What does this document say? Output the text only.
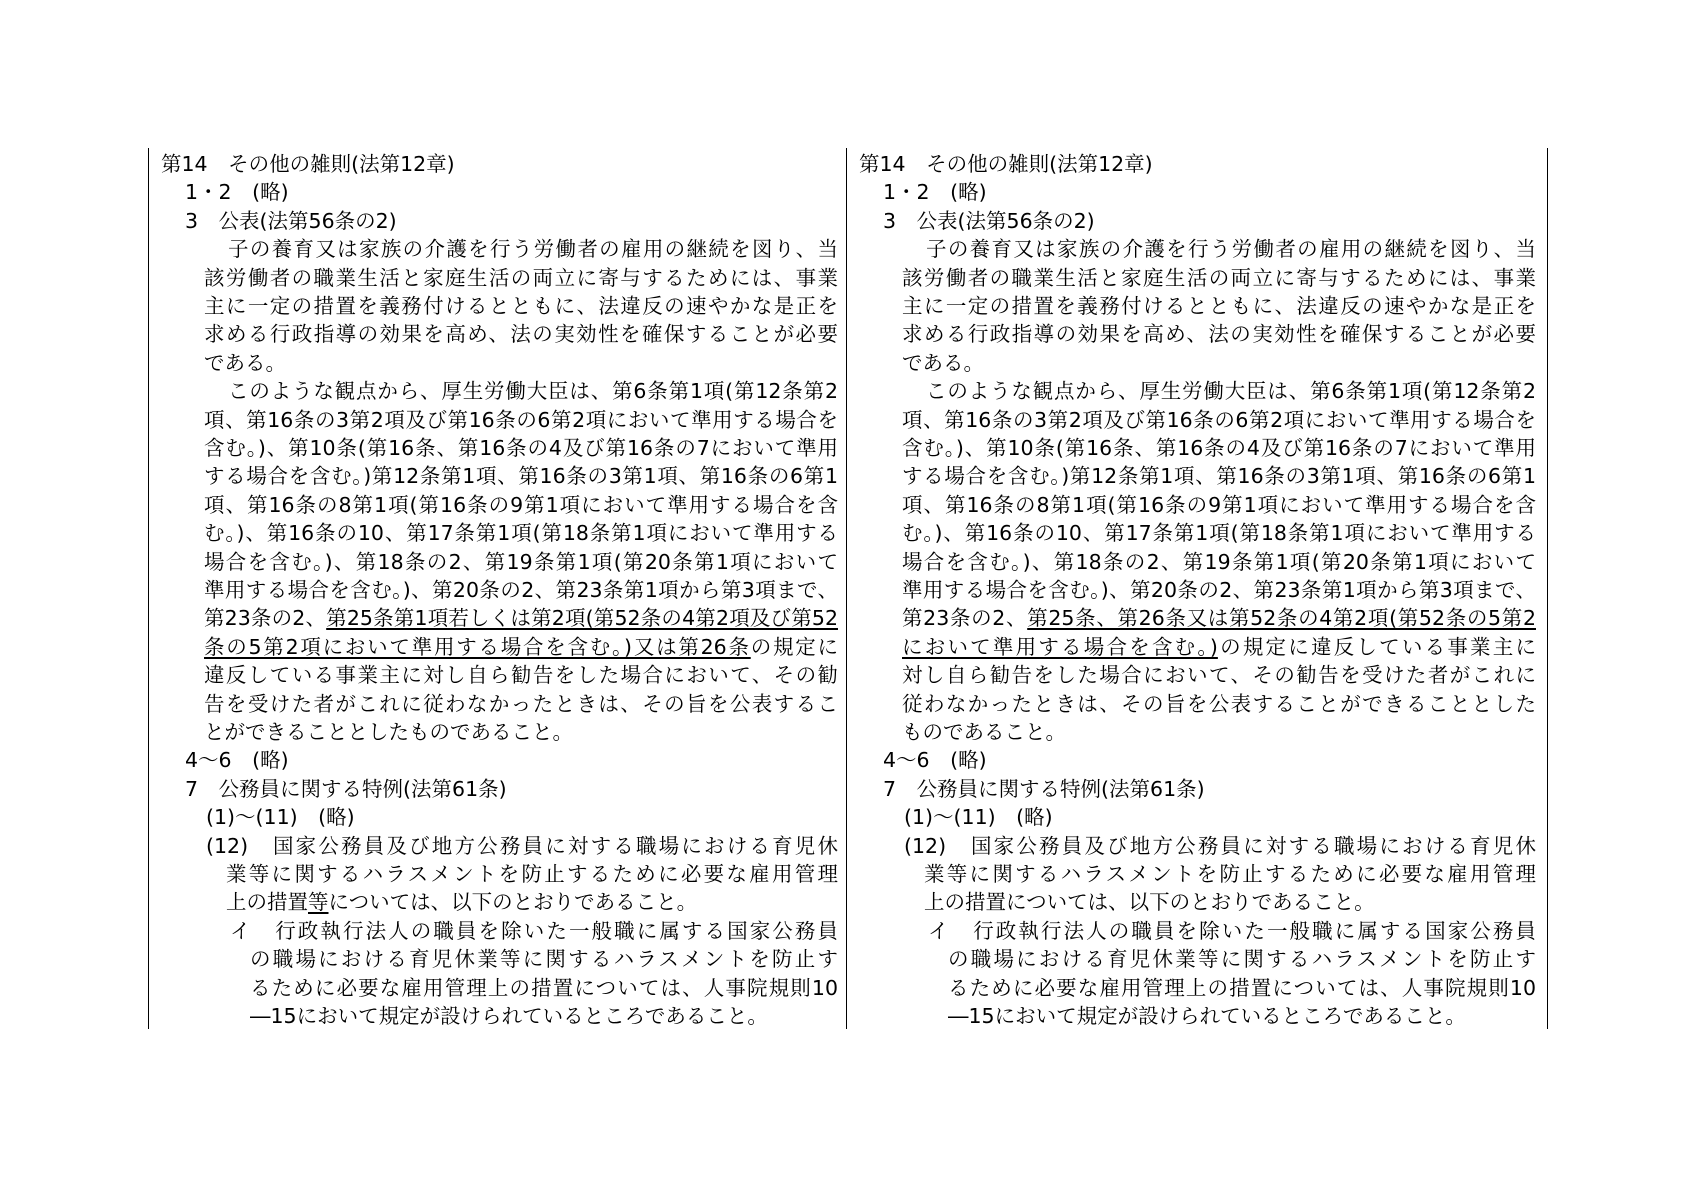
第14　その他の雑則(法第12章)
1・2　(略)
3　公表(法第56条の2)
子の養育又は家族の介護を行う労働者の雇用の継続を図り、当
該労働者の職業生活と家庭生活の両立に寄与するためには、事業
主に一定の措置を義務付けるとともに、法違反の速やかな是正を
求める行政指導の効果を高め、法の実効性を確保することが必要
である。
このような観点から、厚生労働大臣は、第6条第1項(第12条第2
項、第16条の3第2項及び第16条の6第2項において準用する場合を
含む。)、第10条(第16条、第16条の4及び第16条の7において準用
する場合を含む。)第12条第1項、第16条の3第1項、第16条の6第1
項、第16条の8第1項(第16条の9第1項において準用する場合を含
む。)、第16条の10、第17条第1項(第18条第1項において準用する
場合を含む。)、第18条の2、第19条第1項(第20条第1項において
準用する場合を含む。)、第20条の2、第23条第1項から第3項まで、
第23条の2、第25条第1項若しくは第2項(第52条の4第2項及び第52
条の5第2項において準用する場合を含む。)又は第26条の規定に
違反している事業主に対し自ら勧告をした場合において、その勧
告を受けた者がこれに従わなかったときは、その旨を公表するこ
とができることとしたものであること。
4～6　(略)
7　公務員に関する特例(法第61条)
(1)～(11)　(略)
(12)　国家公務員及び地方公務員に対する職場における育児休
業等に関するハラスメントを防止するために必要な雇用管理
上の措置等については、以下のとおりであること。
イ　行政執行法人の職員を除いた一般職に属する国家公務員
の職場における育児休業等に関するハラスメントを防止す
るために必要な雇用管理上の措置については、人事院規則10
―15において規定が設けられているところであること。
第14　その他の雑則(法第12章)
1・2　(略)
3　公表(法第56条の2)
子の養育又は家族の介護を行う労働者の雇用の継続を図り、当
該労働者の職業生活と家庭生活の両立に寄与するためには、事業
主に一定の措置を義務付けるとともに、法違反の速やかな是正を
求める行政指導の効果を高め、法の実効性を確保することが必要
である。
このような観点から、厚生労働大臣は、第6条第1項(第12条第2
項、第16条の3第2項及び第16条の6第2項において準用する場合を
含む。)、第10条(第16条、第16条の4及び第16条の7において準用
する場合を含む。)第12条第1項、第16条の3第1項、第16条の6第1
項、第16条の8第1項(第16条の9第1項において準用する場合を含
む。)、第16条の10、第17条第1項(第18条第1項において準用する
場合を含む。)、第18条の2、第19条第1項(第20条第1項において
準用する場合を含む。)、第20条の2、第23条第1項から第3項まで、
第23条の2、第25条、第26条又は第52条の4第2項(第52条の5第2
において準用する場合を含む。)の規定に違反している事業主に
対し自ら勧告をした場合において、その勧告を受けた者がこれに
従わなかったときは、その旨を公表することができることとした
ものであること。
4～6　(略)
7　公務員に関する特例(法第61条)
(1)～(11)　(略)
(12)　国家公務員及び地方公務員に対する職場における育児休
業等に関するハラスメントを防止するために必要な雇用管理
上の措置については、以下のとおりであること。
イ　行政執行法人の職員を除いた一般職に属する国家公務員
の職場における育児休業等に関するハラスメントを防止す
るために必要な雇用管理上の措置については、人事院規則10
―15において規定が設けられているところであること。
